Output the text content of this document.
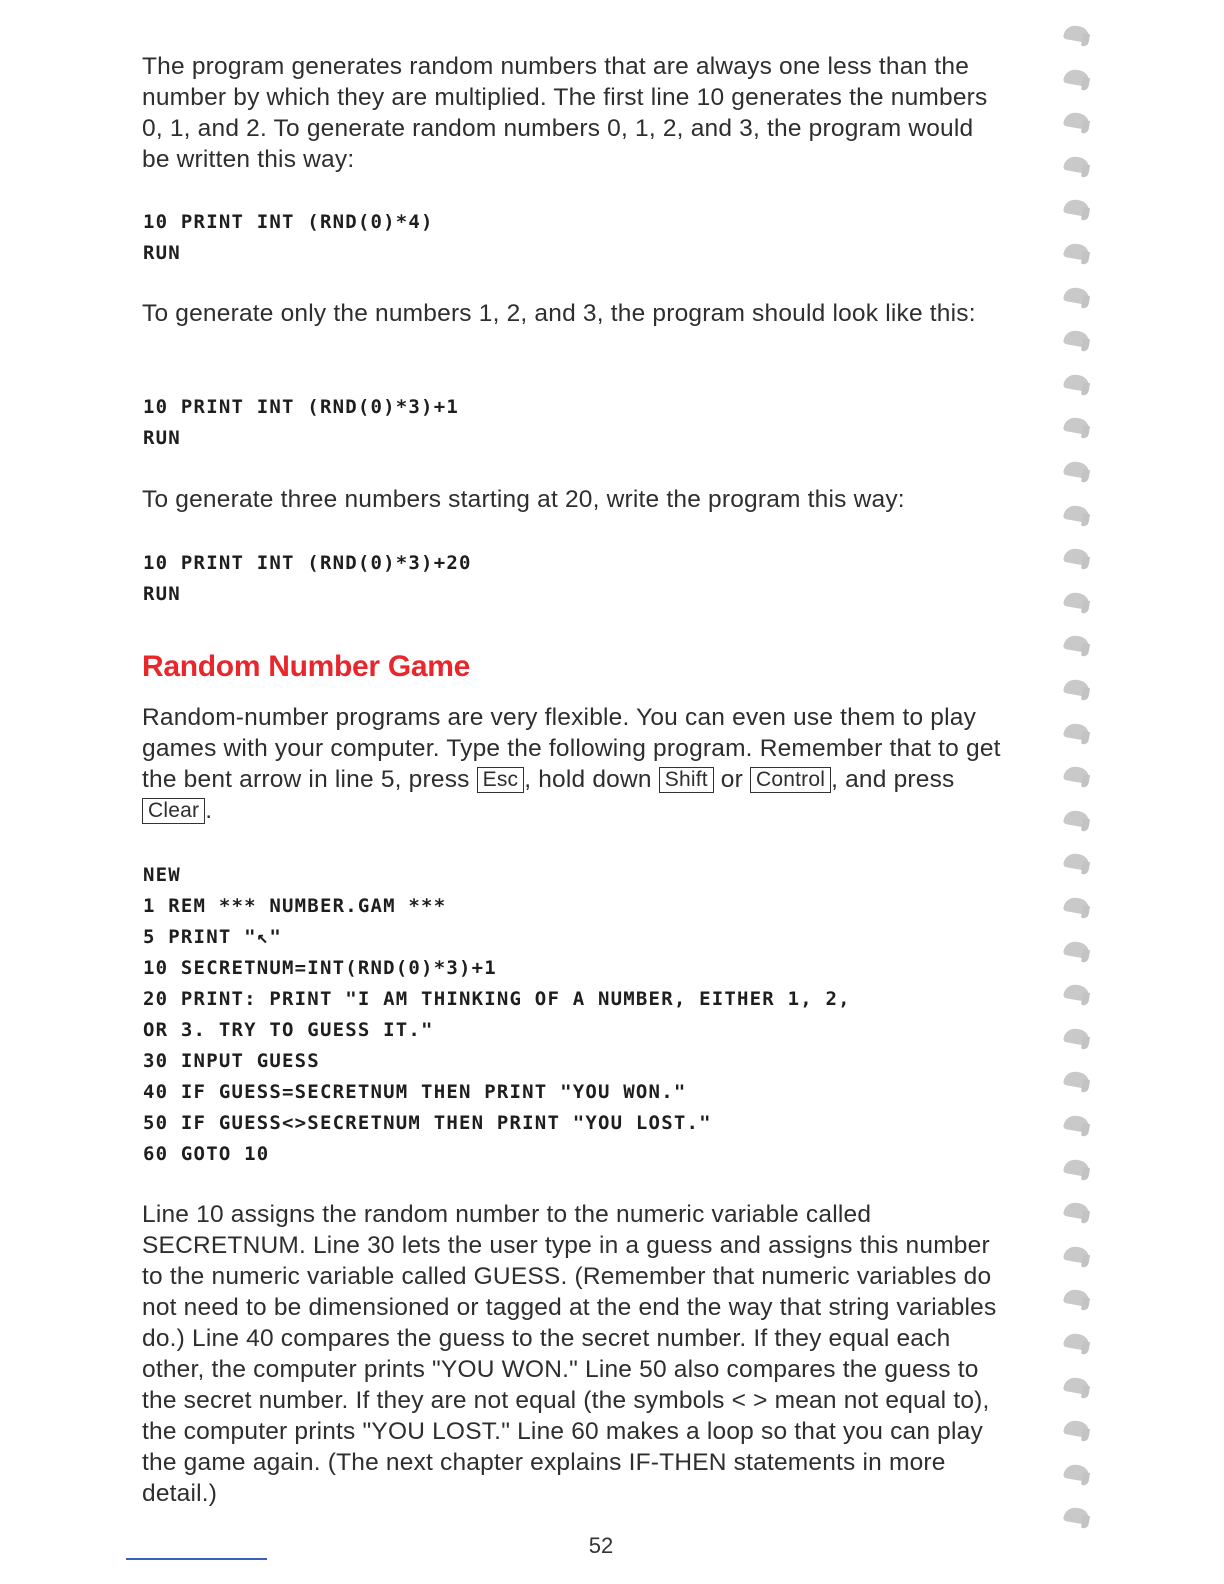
The program generates random numbers that are always one less than the number by which they are multiplied. The first line 10 generates the numbers 0, 1, and 2. To generate random numbers 0, 1, 2, and 3, the program would be written this way:

10 PRINT INT (RND(0)*4)
RUN

To generate only the numbers 1, 2, and 3, the program should look like this:

10 PRINT INT (RND(0)*3)+1
RUN

To generate three numbers starting at 20, write the program this way:

10 PRINT INT (RND(0)*3)+20
RUN
Random Number Game

Random-number programs are very flexible. You can even use them to play games with your computer. Type the following program. Remember that to get the bent arrow in line 5, press Esc , hold down Shift or Control , and press Clear .

NEW
1 REM *** NUMBER.GAM ***
5 PRINT "↖"
10 SECRETNUM=INT(RND(0)*3)+1
20 PRINT: PRINT "I AM THINKING OF A NUMBER, EITHER 1, 2,
OR 3. TRY TO GUESS IT."
30 INPUT GUESS
40 IF GUESS=SECRETNUM THEN PRINT "YOU WON."
50 IF GUESS<>SECRETNUM THEN PRINT "YOU LOST."
60 GOTO 10

Line 10 assigns the random number to the numeric variable called SECRETNUM. Line 30 lets the user type in a guess and assigns this number to the numeric variable called GUESS. (Remember that numeric variables do not need to be dimensioned or tagged at the end the way that string variables do.) Line 40 compares the guess to the secret number. If they equal each other, the computer prints "YOU WON." Line 50 also compares the guess to the secret number. If they are not equal (the symbols < > mean not equal to), the computer prints "YOU LOST." Line 60 makes a loop so that you can play the game again. (The next chapter explains IF-THEN statements in more detail.)

52
